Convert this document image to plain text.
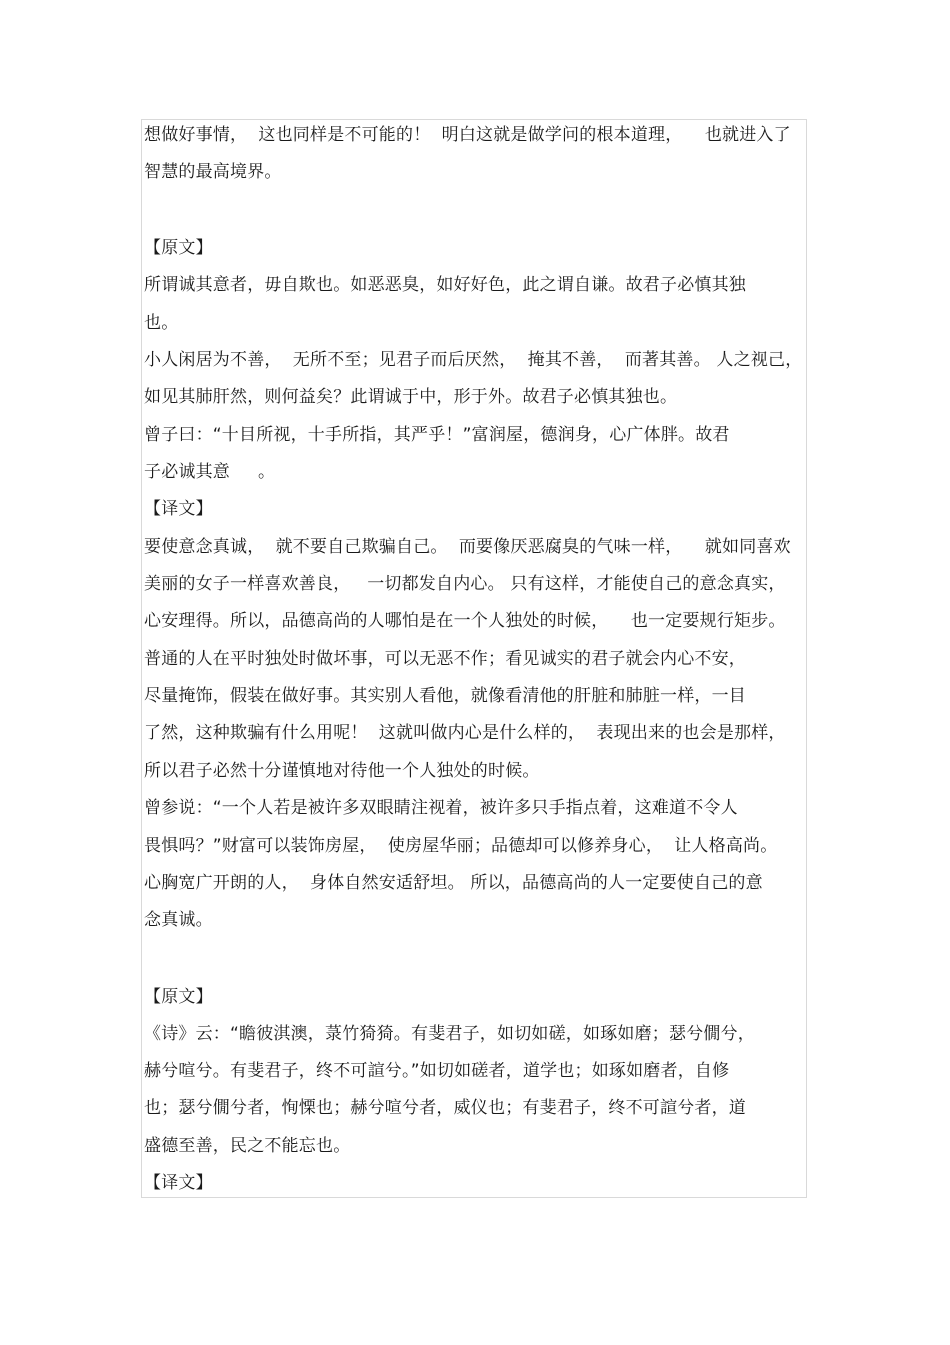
想做好事情，  这也同样是不可能的！  明白这就是做学问的根本道理，    也就进入了
智慧的最高境界。
【原文】
所谓诚其意者，毋自欺也。如恶恶臭，如好好色，此之谓自谦。故君子必慎其独
也。
小人闲居为不善，  无所不至；见君子而后厌然，  掩其不善，  而著其善。 人之视己，
如见其肺肝然，则何益矣？此谓诚于中，形于外。故君子必慎其独也。
曾子曰：“十目所视，十手所指，其严乎！”富润屋，德润身，心广体胖。故君
子必诚其意     。
【译文】
要使意念真诚，  就不要自己欺骗自己。  而要像厌恶腐臭的气味一样，    就如同喜欢
美丽的女子一样喜欢善良，   一切都发自内心。 只有这样，才能使自己的意念真实，
心安理得。所以，品德高尚的人哪怕是在一个人独处的时候，    也一定要规行矩步。
普通的人在平时独处时做坏事，可以无恶不作；看见诚实的君子就会内心不安，
尽量掩饰，假装在做好事。其实别人看他，就像看清他的肝脏和肺脏一样，一目
了然，这种欺骗有什么用呢！  这就叫做内心是什么样的，  表现出来的也会是那样，
所以君子必然十分谨慎地对待他一个人独处的时候。
曾参说：“一个人若是被许多双眼睛注视着，被许多只手指点着，这难道不令人
畏惧吗？”财富可以装饰房屋，  使房屋华丽；品德却可以修养身心，  让人格高尚。
心胸宽广开朗的人，  身体自然安适舒坦。 所以，品德高尚的人一定要使自己的意
念真诚。
【原文】
《诗》云：“瞻彼淇澳，菉竹猗猗。有斐君子，如切如磋，如琢如磨；瑟兮僩兮，
赫兮喧兮。有斐君子，终不可諠兮。”如切如磋者，道学也；如琢如磨者，自修
也；瑟兮僩兮者，恂慄也；赫兮喧兮者，威仪也；有斐君子，终不可諠兮者，道
盛德至善，民之不能忘也。
【译文】
